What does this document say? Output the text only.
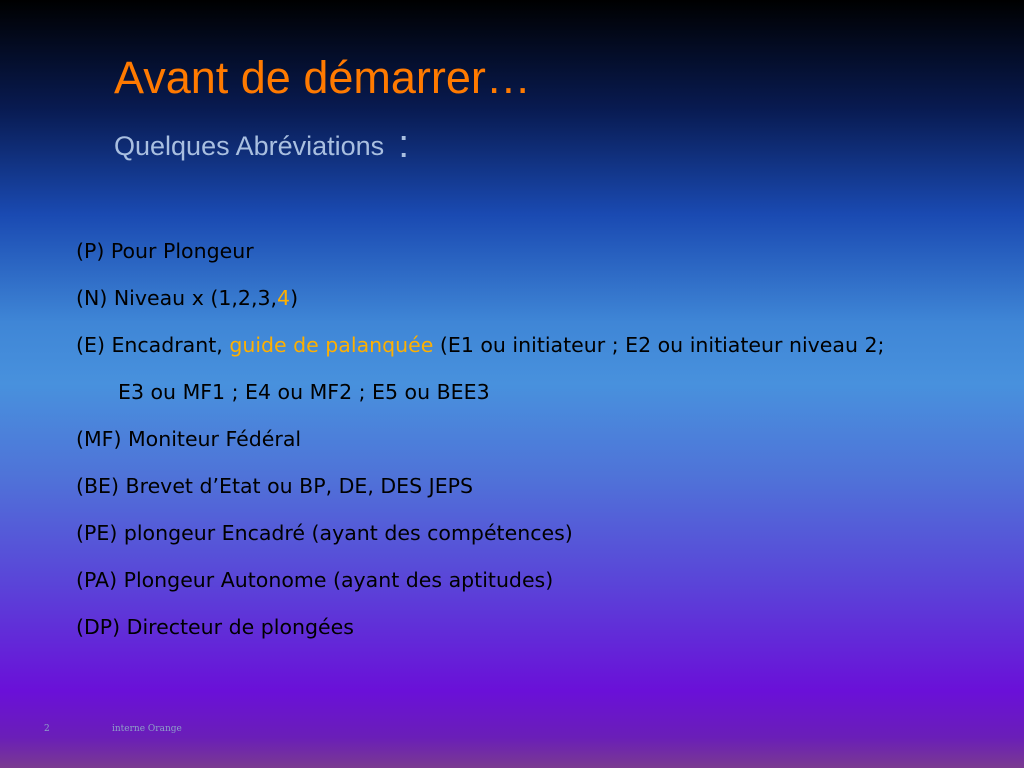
Avant de démarrer…
Quelques Abréviations :
(P) Pour Plongeur
(N) Niveau x (1,2,3,4)
(E) Encadrant, guide de palanquée (E1 ou initiateur ; E2 ou initiateur niveau 2;
E3 ou MF1 ; E4 ou MF2 ; E5 ou BEE3
(MF) Moniteur Fédéral
(BE) Brevet d’Etat ou BP, DE, DES JEPS
(PE) plongeur Encadré (ayant des compétences)
(PA) Plongeur Autonome (ayant des aptitudes)
(DP) Directeur de plongées
2	interne Orange
